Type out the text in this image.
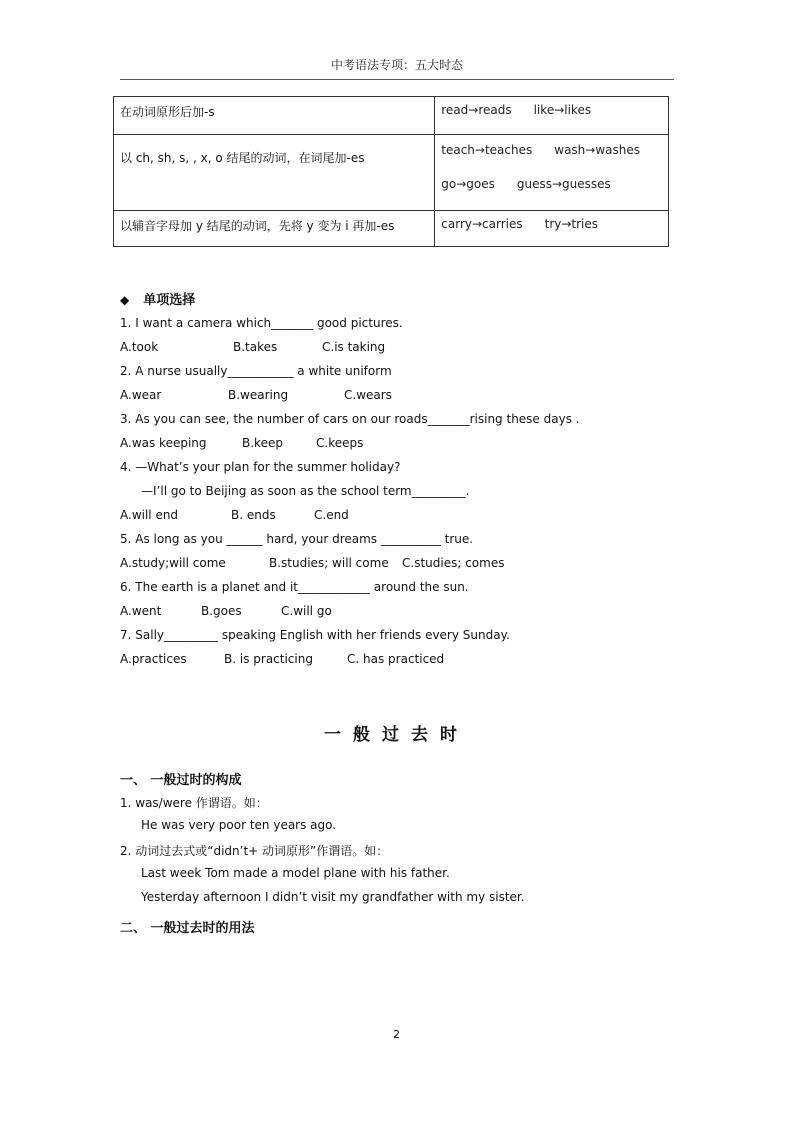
中考语法专项：五大时态
在动词原形后加-s	read→reads like→likes

以 ch, sh, s, , x, o 结尾的动词，在词尾加-es	teach→teaches wash→washes
go→goes guess→guesses

以辅音字母加 y 结尾的动词，先将 y 变为 i 再加-es	carry→carries try→tries
◆ 单项选择
1. I want a camera which_______ good pictures.
A.took	B.takes	C.is taking
2. A nurse usually___________ a white uniform
A.wear	B.wearing	C.wears
3. As you can see, the number of cars on our roads_______rising these days .
A.was keeping	B.keep	C.keeps
4. —What’s your plan for the summer holiday?
—I’ll go to Beijing as soon as the school term_________.
A.will end	B. ends	C.end
5. As long as you ______ hard, your dreams __________ true.
A.study;will come	B.studies; will come C.studies; comes
6. The earth is a planet and it____________ around the sun.
A.went	B.goes	C.will go
7. Sally_________ speaking English with her friends every Sunday.
A.practices	B. is practicing	C. has practiced
一般过去时
一、 一般过时的构成
1. was/were 作谓语。如：
He was very poor ten years ago.
2. 动词过去式或“didn’t+ 动词原形”作谓语。如：
Last week Tom made a model plane with his father.
Yesterday afternoon I didn’t visit my grandfather with my sister.
二、 一般过去时的用法
2
